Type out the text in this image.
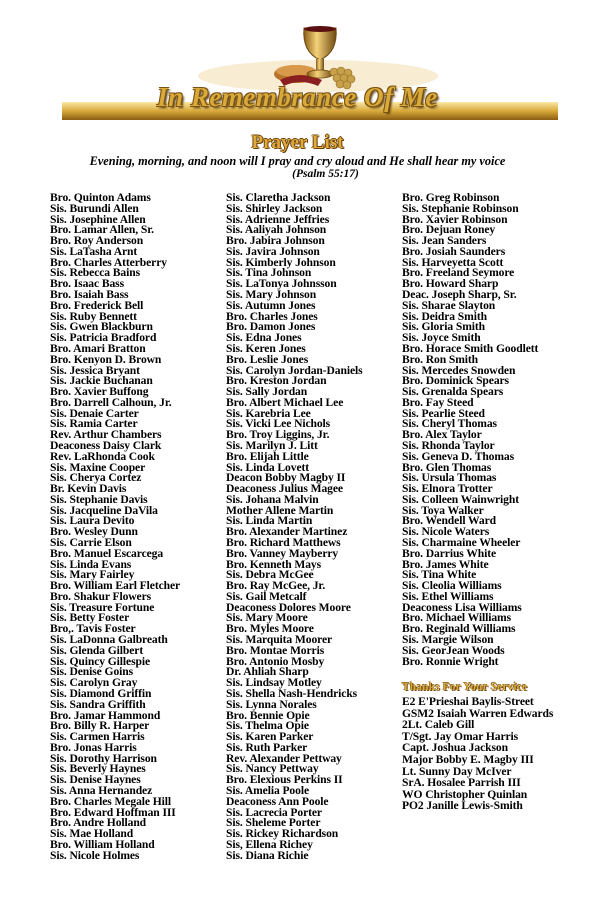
In Remembrance Of Me
Prayer List
Evening, morning, and noon will I pray and cry aloud and He shall hear my voice
(Psalm 55:17)
Bro. Quinton Adams
Sis. Burundi Allen
Sis. Josephine Allen
Bro. Lamar Allen, Sr.
Bro. Roy Anderson
Sis. LaTasha Arnt
Bro. Charles Atterberry
Sis. Rebecca Bains
Bro. Isaac Bass
Bro. Isaiah Bass
Bro. Frederick Bell
Sis. Ruby Bennett
Sis. Gwen Blackburn
Sis. Patricia Bradford
Bro. Amari Bratton
Bro. Kenyon D. Brown
Sis. Jessica Bryant
Sis. Jackie Buchanan
Bro. Xavier Buffong
Bro. Darrell Calhoun, Jr.
Sis. Denaie Carter
Sis. Ramia Carter
Rev. Arthur Chambers
Deaconess Daisy Clark
Rev. LaRhonda Cook
Sis. Maxine Cooper
Sis. Cherya Cortez
Br. Kevin Davis
Sis. Stephanie Davis
Sis. Jacqueline DaVila
Sis. Laura Devito
Bro. Wesley Dunn
Sis. Carrie Elson
Bro. Manuel Escarcega
Sis. Linda Evans
Sis. Mary Fairley
Bro. William Earl Fletcher
Bro. Shakur Flowers
Sis. Treasure Fortune
Sis. Betty Foster
Bro,. Tavis Foster
Sis. LaDonna Galbreath
Sis. Glenda Gilbert
Sis. Quincy Gillespie
Sis. Denise Goins
Sis. Carolyn Gray
Sis. Diamond Griffin
Sis. Sandra Griffith
Bro. Jamar Hammond
Bro. Billy R. Harper
Sis. Carmen Harris
Bro. Jonas Harris
Sis. Dorothy Harrison
Sis. Beverly Haynes
Sis. Denise Haynes
Sis. Anna Hernandez
Bro. Charles Megale Hill
Bro. Edward Hoffman III
Bro. Andre Holland
Sis. Mae Holland
Bro. William Holland
Sis. Nicole Holmes
Sis. Claretha Jackson
Sis. Shirley Jackson
Sis. Adrienne Jeffries
Sis. Aaliyah Johnson
Bro. Jabira Johnson
Sis. Javira Johnson
Sis. Kimberly Johnson
Sis. Tina Johnson
Sis. LaTonya Johnsson
Sis. Mary Johnson
Sis. Autumn Jones
Bro. Charles Jones
Bro. Damon Jones
Sis. Edna Jones
Sis. Keren Jones
Bro. Leslie Jones
Sis. Carolyn Jordan-Daniels
Bro. Kreston Jordan
Sis. Sally Jordan
Bro. Albert Michael Lee
Sis. Karebria Lee
Sis. Vicki Lee Nichols
Bro. Troy Liggins, Jr.
Sis. Marilyn J. Litt
Bro. Elijah Little
Sis. Linda Lovett
Deacon Bobby Magby II
Deaconess Julius Magee
Sis. Johana Malvin
Mother Allene Martin
Sis. Linda Martin
Bro. Alexander Martinez
Bro. Richard Matthews
Bro. Vanney Mayberry
Bro. Kenneth Mays
Sis. Debra McGee
Bro. Ray McGee, Jr.
Sis. Gail Metcalf
Deaconess Dolores Moore
Sis. Mary Moore
Bro. Myles Moore
Sis. Marquita Moorer
Bro. Montae Morris
Bro. Antonio Mosby
Dr. Ahliah Sharp
Sis. Lindsay Motley
Sis. Shella Nash-Hendricks
Sis. Lynna Norales
Bro. Bennie Opie
Sis. Thelma Opie
Sis. Karen Parker
Sis. Ruth Parker
Rev. Alexander Pettway
Sis. Nancy Pettway
Bro. Elexious Perkins II
Sis. Amelia Poole
Deaconess Ann Poole
Sis. Lacrecia Porter
Sis. Sheleme Porter
Sis. Rickey Richardson
Sis, Ellena Richey
Sis. Diana Richie
Bro. Greg Robinson
Sis. Stephanie Robinson
Bro. Xavier Robinson
Bro. Dejuan Roney
Sis. Jean Sanders
Bro. Josiah Saunders
Sis. Harveyetta Scott
Bro. Freeland Seymore
Bro. Howard Sharp
Deac. Joseph Sharp, Sr.
Sis. Sharae Slayton
Sis. Deidra Smith
Sis. Gloria Smith
Sis. Joyce Smith
Bro. Horace Smith Goodlett
Bro. Ron Smith
Sis. Mercedes Snowden
Bro. Dominick Spears
Sis. Grenalda Spears
Bro. Fay Steed
Sis. Pearlie Steed
Sis. Cheryl Thomas
Bro. Alex Taylor
Sis. Rhonda Taylor
Sis. Geneva D. Thomas
Bro. Glen Thomas
Sis. Ursula Thomas
Sis. Elnora Trotter
Sis. Colleen Wainwright
Sis. Toya Walker
Bro. Wendell Ward
Sis. Nicole Waters
Sis. Charmaine Wheeler
Bro. Darrius White
Bro. James White
Sis. Tina White
Sis. Cleolia Williams
Sis. Ethel Williams
Deaconess Lisa Williams
Bro. Michael Williams
Bro. Reginald Williams
Sis. Margie Wilson
Sis. GeorJean Woods
Bro. Ronnie Wright
Thanks For Your Service
E2 E'Prieshai Baylis-Street
GSM2 Isaiah Warren Edwards
2Lt. Caleb Gill
T/Sgt. Jay Omar Harris
Capt. Joshua Jackson
Major Bobby E. Magby III
Lt. Sunny Day McIver
SrA. Hosalee Parrish III
WO Christopher Quinlan
PO2 Janille Lewis-Smith
